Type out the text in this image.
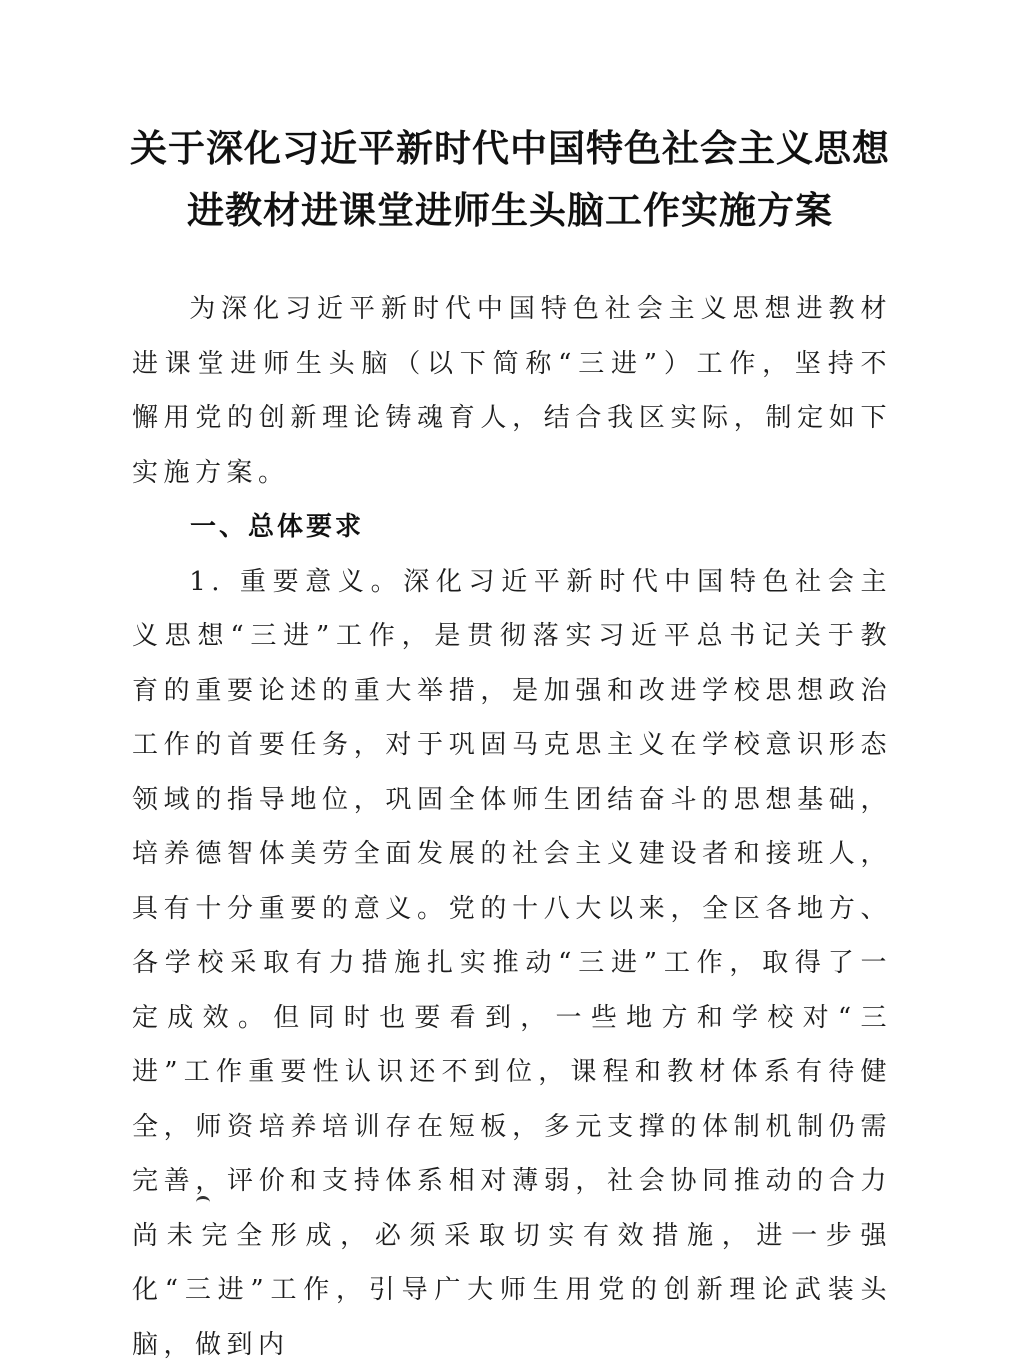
关于深化习近平新时代中国特色社会主义思想
进教材进课堂进师生头脑工作实施方案

为深化习近平新时代中国特色社会主义思想进教材进课堂进师生头脑（以下简称“三进”）工作，坚持不懈用党的创新理论铸魂育人，结合我区实际，制定如下实施方案。

一、总体要求

1. 重要意义。深化习近平新时代中国特色社会主义思想“三进”工作，是贯彻落实习近平总书记关于教育的重要论述的重大举措，是加强和改进学校思想政治工作的首要任务，对于巩固马克思主义在学校意识形态领域的指导地位，巩固全体师生团结奋斗的思想基础，培养德智体美劳全面发展的社会主义建设者和接班人，具有十分重要的意义。党的十八大以来，全区各地方、各学校采取有力措施扎实推动“三进”工作，取得了一定成效。但同时也要看到，一些地方和学校对“三进”工作重要性认识还不到位，课程和教材体系有待健全，师资培养培训存在短板，多元支撑的体制机制仍需完善，评价和支持体系相对薄弱，社会协同推动的合力尚未完全形成，必须采取切实有效措施，进一步强化“三进”工作，引导广大师生用党的创新理论武装头脑，做到内
